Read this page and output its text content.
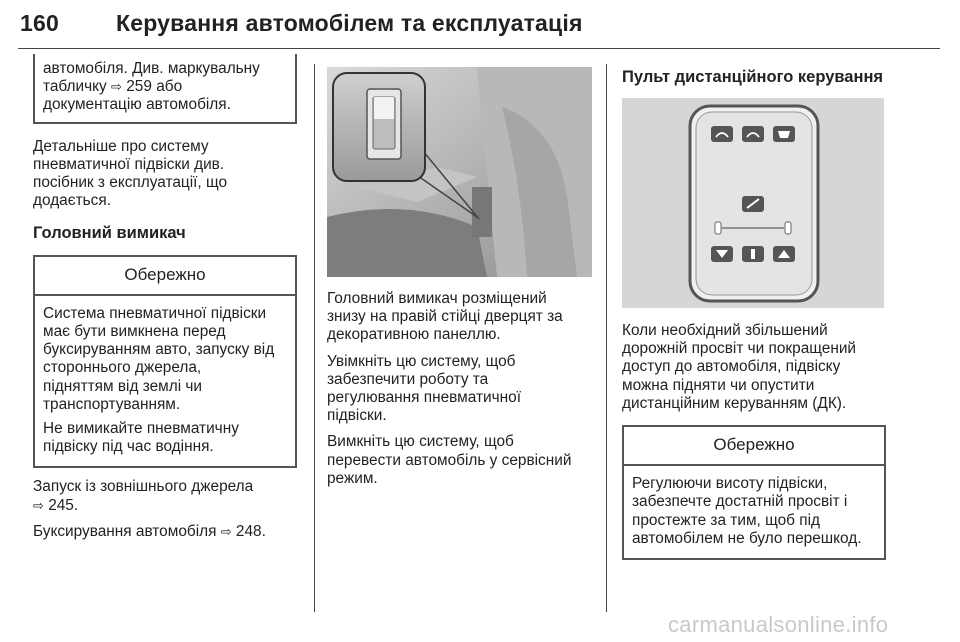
160 Керування автомобілем та експлуатація
автомобіля. Див. маркувальну
табличку ⇨ 259 або
документацію автомобіля.

Детальніше про систему
пневматичної підвіски див.
посібник з експлуатації, що
додається.

Головний вимикач
Обережно

Система пневматичної підвіски
має бути вимкнена перед
буксируванням авто, запуску від
стороннього джерела,
підняттям від землі чи
транспортуванням.

Не вимикайте пневматичну
підвіску під час водіння.

Запуск із зовнішнього джерела
⇨ 245.

Буксирування автомобіля ⇨ 248.

Головний вимикач розміщений
знизу на правій стійці дверцят за
декоративною панеллю.

Увімкніть цю систему, щоб
забезпечити роботу та
регулювання пневматичної
підвіски.

Вимкніть цю систему, щоб
перевести автомобіль у сервісний
режим.

Пульт дистанційного керування

Коли необхідний збільшений
дорожній просвіт чи покращений
доступ до автомобіля, підвіску
можна підняти чи опустити
дистанційним керуванням (ДК).

Обережно

Регулюючи висоту підвіски,
забезпечте достатній просвіт і
простежте за тим, щоб під
автомобілем не було перешкод.

carmanualsonline.info
